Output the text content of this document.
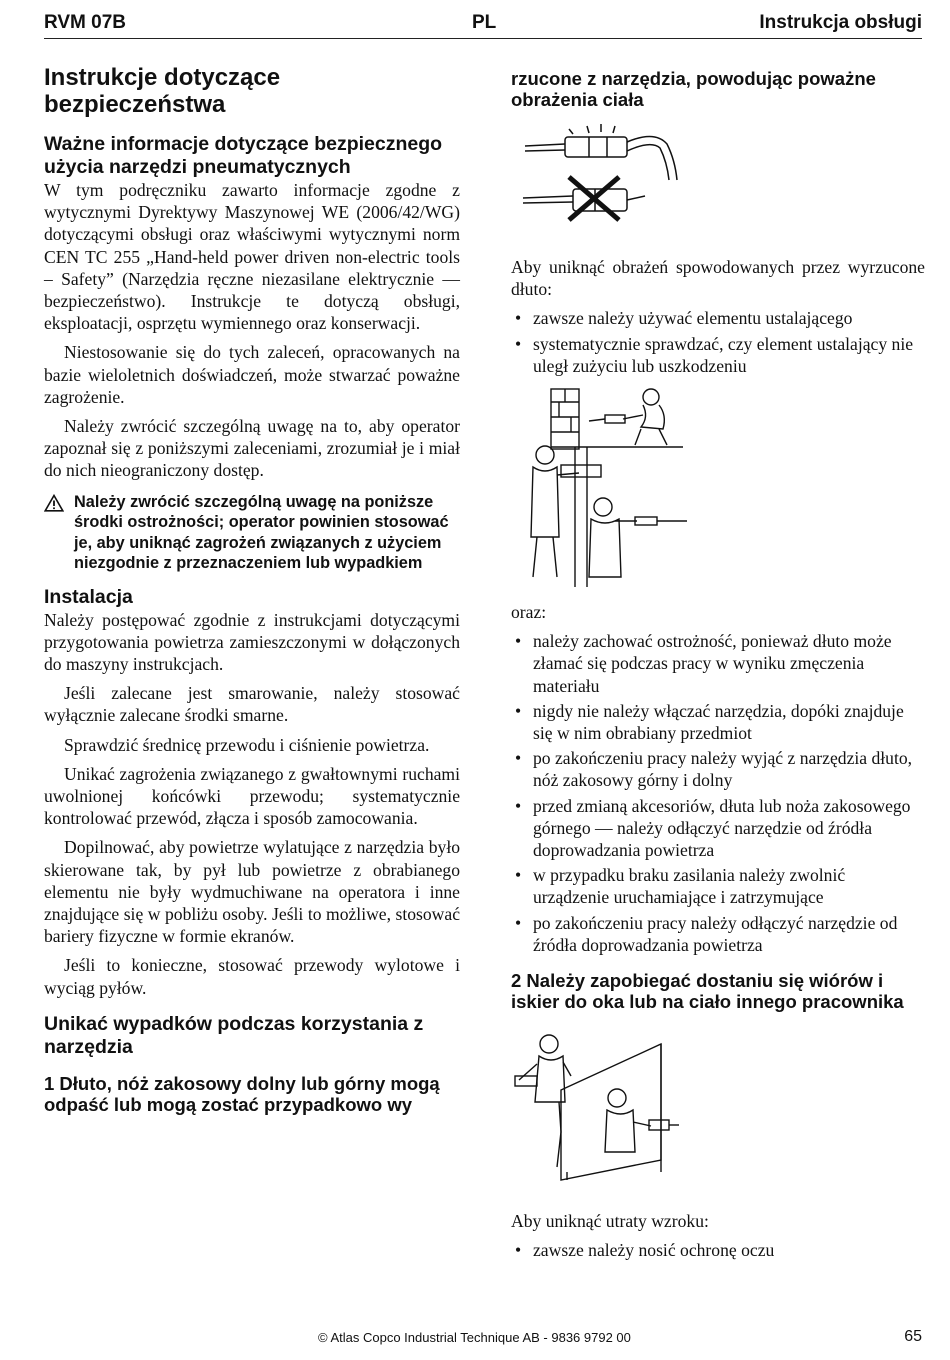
RVM 07B	PL	Instrukcja obsługi
Instrukcje dotyczące bezpieczeństwa
Ważne informacje dotyczące bezpiecznego użycia narzędzi pneumatycznych

W tym podręczniku zawarto informacje zgodne z wytycznymi Dyrektywy Maszynowej WE (2006/42/WG) dotyczącymi obsługi oraz właściwymi wytycznymi norm CEN TC 255 „Hand-held power driven non-electric tools – Safety” (Narzędzia ręczne niezasilane elektrycznie — bezpieczeństwo). Instrukcje te dotyczą obsługi, eksploatacji, osprzętu wymiennego oraz konserwacji.

Niestosowanie się do tych zaleceń, opracowanych na bazie wieloletnich doświadczeń, może stwarzać poważne zagrożenie.

Należy zwrócić szczególną uwagę na to, aby operator zapoznał się z poniższymi zaleceniami, zrozumiał je i miał do nich nieograniczony dostęp.

Należy zwrócić szczególną uwagę na poniższe środki ostrożności; operator powinien stosować je, aby uniknąć zagrożeń związanych z użyciem niezgodnie z przeznaczeniem lub wypadkiem
Instalacja

Należy postępować zgodnie z instrukcjami dotyczącymi przygotowania powietrza zamieszczonymi w dołączonych do maszyny instrukcjach.

Jeśli zalecane jest smarowanie, należy stosować wyłącznie zalecane środki smarne.

Sprawdzić średnicę przewodu i ciśnienie powietrza.

Unikać zagrożenia związanego z gwałtownymi ruchami uwolnionej końcówki przewodu; systematycznie kontrolować przewód, złącza i sposób zamocowania.

Dopilnować, aby powietrze wylatujące z narzędzia było skierowane tak, by pył lub powietrze z obrabianego elementu nie były wydmuchiwane na operatora i inne znajdujące się w pobliżu osoby. Jeśli to możliwe, stosować bariery fizyczne w formie ekranów.

Jeśli to konieczne, stosować przewody wylotowe i wyciąg pyłów.

Unikać wypadków podczas korzystania z narzędzia
1 Dłuto, nóż zakosowy dolny lub górny mogą odpaść lub mogą zostać przypadkowo wy
rzucone z narzędzia, powodując poważne obrażenia ciała

Aby uniknąć obrażeń spowodowanych przez wyrzucone dłuto:

• zawsze należy używać elementu ustalającego
• systematycznie sprawdzać, czy element ustalający nie uległ zużyciu lub uszkodzeniu

oraz:

• należy zachować ostrożność, ponieważ dłuto może złamać się podczas pracy w wyniku zmęczenia materiału
• nigdy nie należy włączać narzędzia, dopóki znajduje się w nim obrabiany przedmiot
• po zakończeniu pracy należy wyjąć z narzędzia dłuto, nóż zakosowy górny i dolny
• przed zmianą akcesoriów, dłuta lub noża zakosowego górnego — należy odłączyć narzędzie od źródła doprowadzania powietrza
• w przypadku braku zasilania należy zwolnić urządzenie uruchamiające i zatrzymujące
• po zakończeniu pracy należy odłączyć narzędzie od źródła doprowadzania powietrza
2 Należy zapobiegać dostaniu się wiórów i iskier do oka lub na ciało innego pracownika

Aby uniknąć utraty wzroku:

• zawsze należy nosić ochronę oczu
© Atlas Copco Industrial Technique AB - 9836 9792 00	65
